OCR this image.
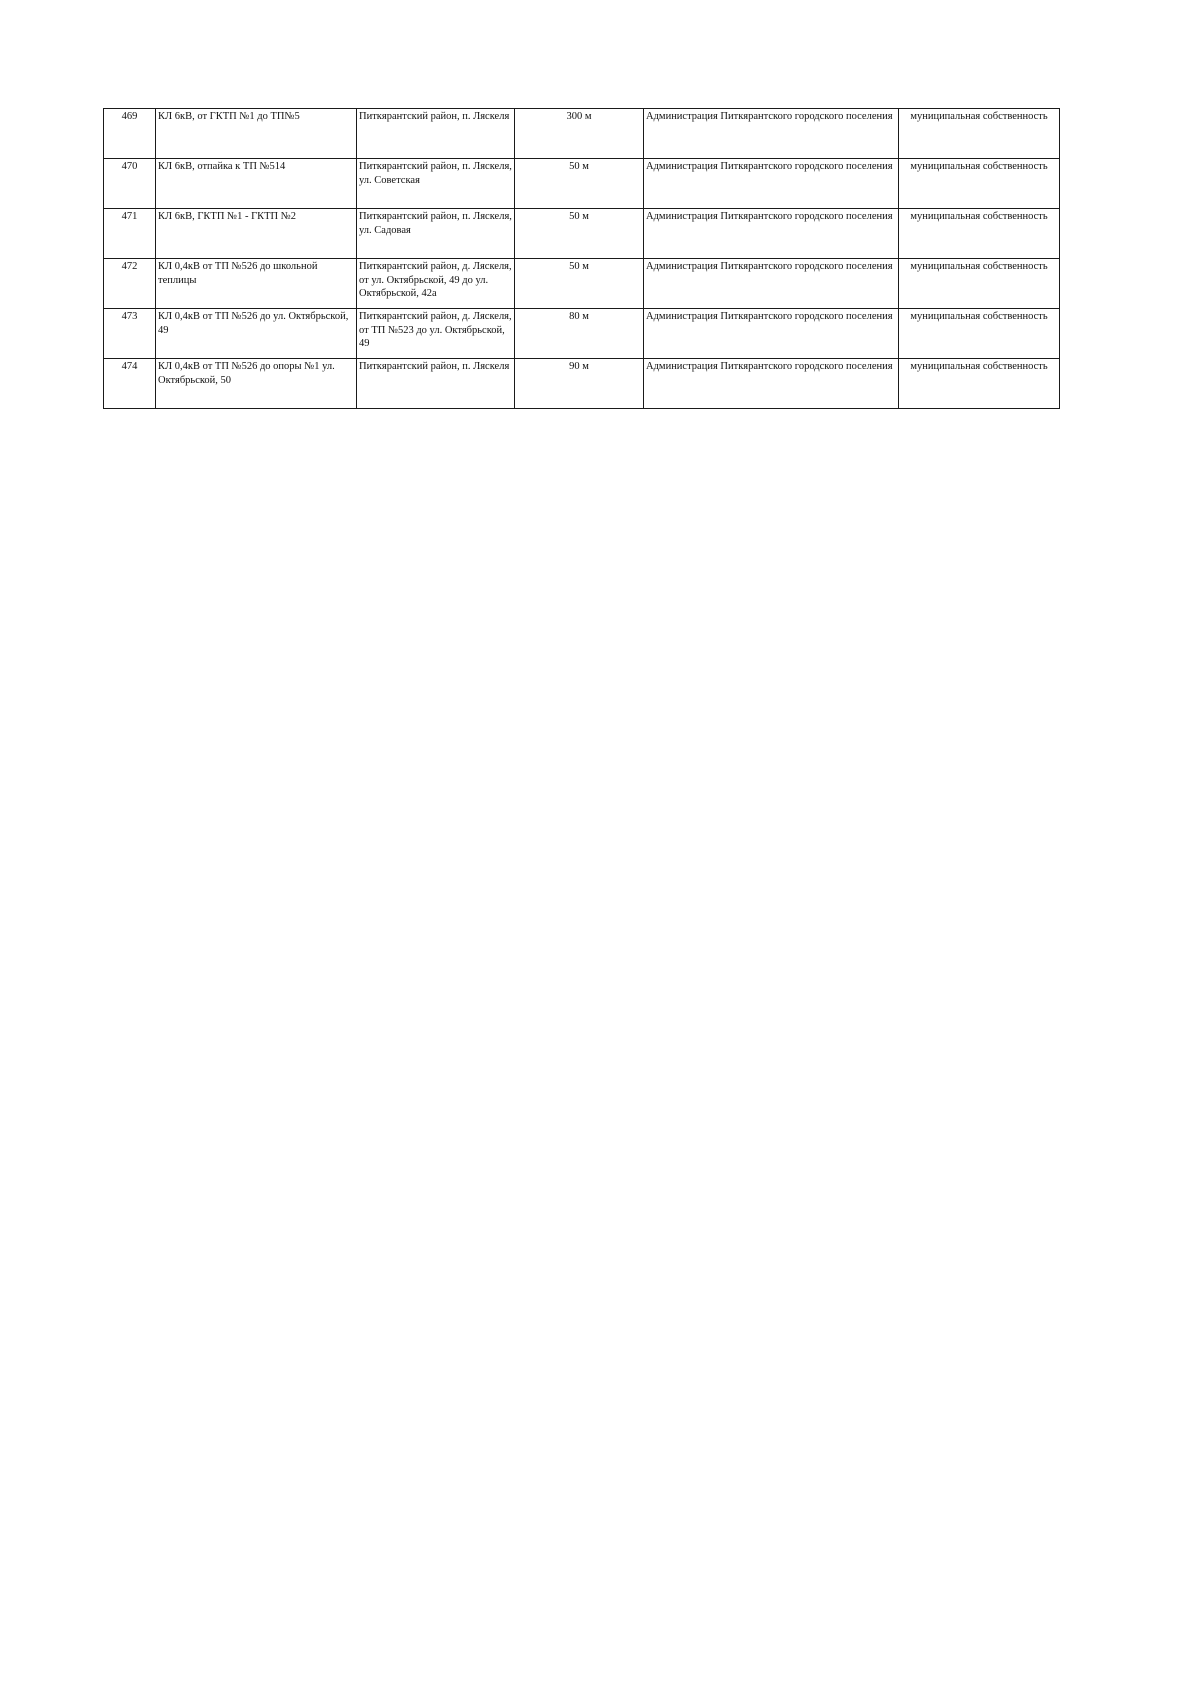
469	КЛ 6кВ, от ГКТП №1 до ТП№5	Питкярантский район, п. Ляскеля	300 м	Администрация Питкярантского городского поселения	муниципальная собственность
470	КЛ 6кВ, отпайка к ТП №514	Питкярантский район, п. Ляскеля, ул. Советская	50 м	Администрация Питкярантского городского поселения	муниципальная собственность
471	КЛ 6кВ, ГКТП №1 - ГКТП №2	Питкярантский район, п. Ляскеля, ул. Садовая	50 м	Администрация Питкярантского городского поселения	муниципальная собственность
472	КЛ 0,4кВ от ТП №526 до школьной теплицы	Питкярантский район, д. Ляскеля, от ул. Октябрьской, 49 до ул. Октябрьской, 42а	50 м	Администрация Питкярантского городского поселения	муниципальная собственность
473	КЛ 0,4кВ от ТП №526 до ул. Октябрьской, 49	Питкярантский район, д. Ляскеля, от ТП №523 до ул. Октябрьской, 49	80 м	Администрация Питкярантского городского поселения	муниципальная собственность
474	КЛ 0,4кВ от ТП №526 до опоры №1 ул. Октябрьской, 50	Питкярантский район, п. Ляскеля	90 м	Администрация Питкярантского городского поселения	муниципальная собственность
